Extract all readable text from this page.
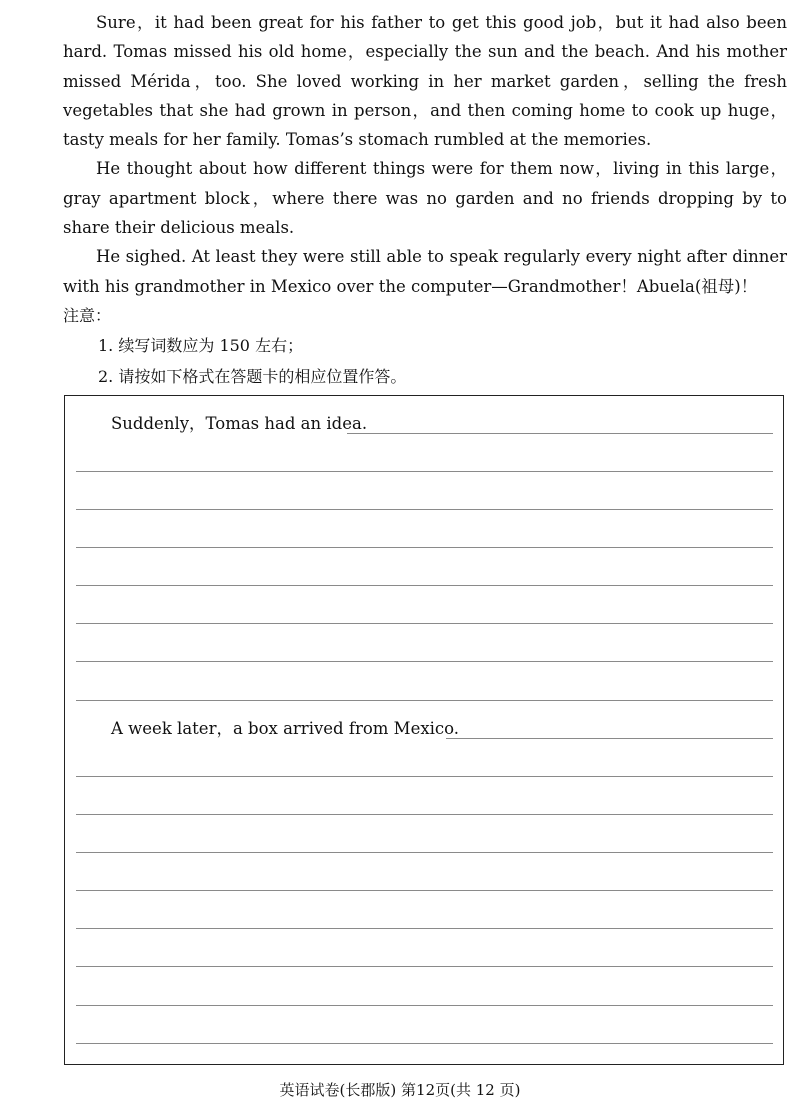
Sure，it had been great for his father to get this good job，but it had also been hard. Tomas missed his old home，especially the sun and the beach. And his mother missed Mérida，too. She loved working in her market garden，selling the fresh vegetables that she had grown in person，and then coming home to cook up huge，tasty meals for her family. Tomas’s stomach rumbled at the memories.

He thought about how different things were for them now，living in this large，gray apartment block，where there was no garden and no friends dropping by to share their delicious meals.

He sighed. At least they were still able to speak regularly every night after dinner with his grandmother in Mexico over the computer—Grandmother！Abuela(祖母)！

注意：

1. 续写词数应为 150 左右；

2. 请按如下格式在答题卡的相应位置作答。

Suddenly，Tomas had an idea.

A week later，a box arrived from Mexico.

英语试卷(长郡版) 第12页(共 12 页)
